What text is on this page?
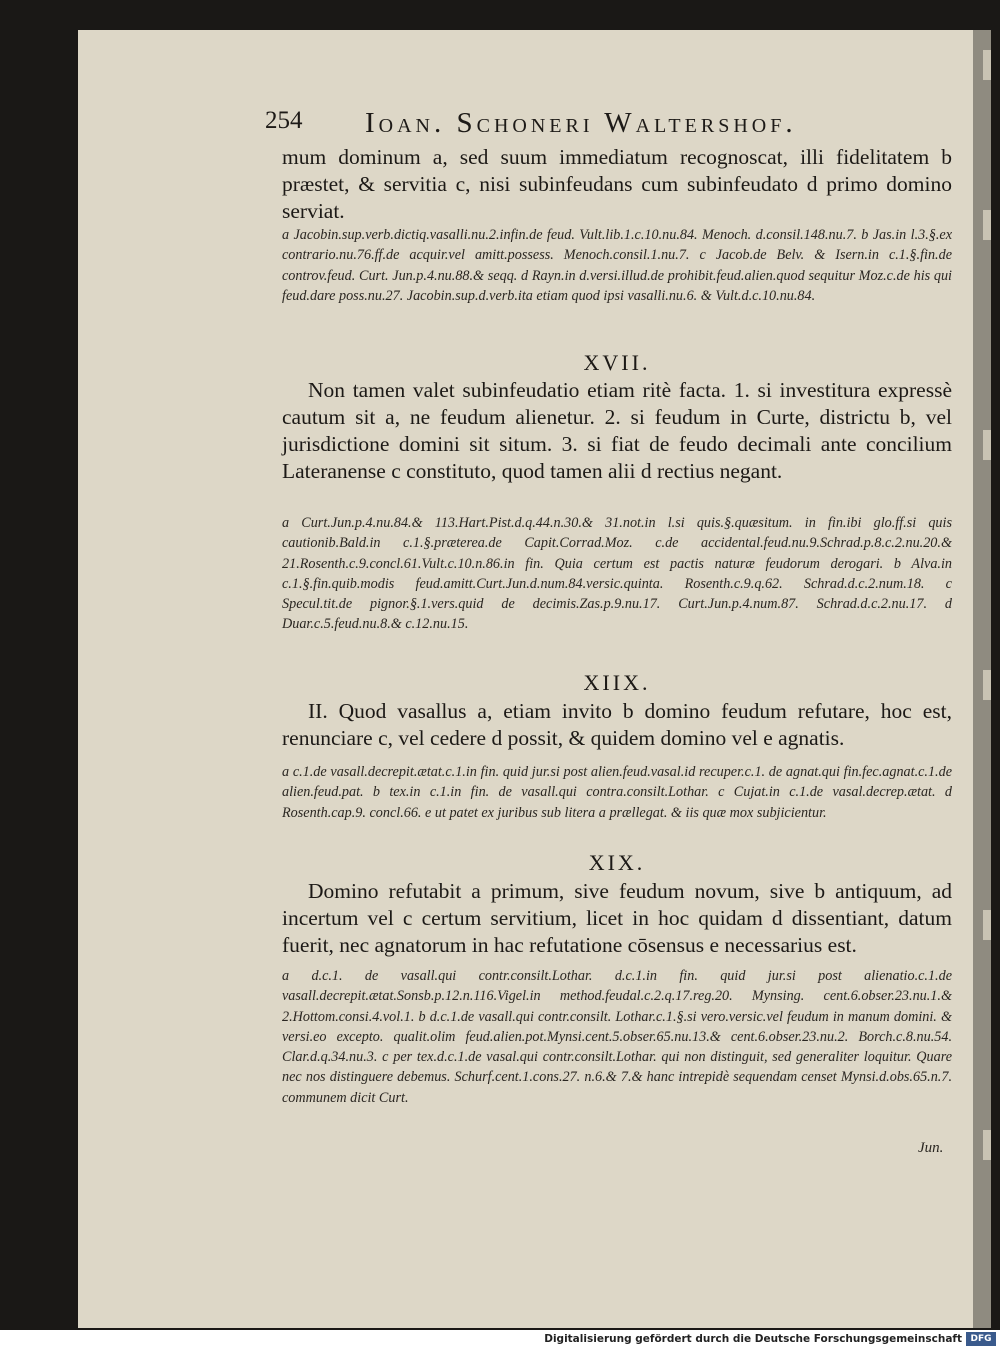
254 Ioan. Schoneri Waltershof.

mum dominum a, sed suum immediatum recognoscat, illi fidelitatem b præstet, & servitia c, nisi subinfeudans cum subinfeudato d primo domino serviat.

a Jacobin.sup.verb.dictiq.vasalli.nu.2.infin.de feud. Vult.lib.1.c.10.nu.84. Menoch. d.consil.148.nu.7. b Jas.in l.3.§.ex contrario.nu.76.ff.de acquir.vel amitt.possess. Menoch.consil.1.nu.7. c Jacob.de Belv. & Isern.in c.1.§.fin.de controv.feud. Curt. Jun.p.4.nu.88.& seqq. d Rayn.in d.versi.illud.de prohibit.feud.alien.quod sequitur Moz.c.de his qui feud.dare poss.nu.27. Jacobin.sup.d.verb.ita etiam quod ipsi vasalli.nu.6. & Vult.d.c.10.nu.84.

XVII.

Non tamen valet subinfeudatio etiam ritè facta. 1. si investitura expressè cautum sit a, ne feudum alienetur. 2. si feudum in Curte, districtu b, vel jurisdictione domini sit situm. 3. si fiat de feudo decimali ante concilium Lateranense c constituto, quod tamen alii d rectius negant.

a Curt.Jun.p.4.nu.84.& 113.Hart.Pist.d.q.44.n.30.& 31.not.in l.si quis.§.quæsitum. in fin.ibi glo.ff.si quis cautionib.Bald.in c.1.§.præterea.de Capit.Corrad.Moz. c.de accidental.feud.nu.9.Schrad.p.8.c.2.nu.20.& 21.Rosenth.c.9.concl.61.Vult.c.10.n.86.in fin. Quia certum est pactis naturæ feudorum derogari. b Alva.in c.1.§.fin.quib.modis feud.amitt.Curt.Jun.d.num.84.versic.quinta. Rosenth.c.9.q.62. Schrad.d.c.2.num.18. c Specul.tit.de pignor.§.1.vers.quid de decimis.Zas.p.9.nu.17. Curt.Jun.p.4.num.87. Schrad.d.c.2.nu.17. d Duar.c.5.feud.nu.8.& c.12.nu.15.

XIIX.

II. Quod vasallus a, etiam invito b domino feudum refutare, hoc est, renunciare c, vel cedere d possit, & quidem domino vel e agnatis.

a c.1.de vasall.decrepit.ætat.c.1.in fin. quid jur.si post alien.feud.vasal.id recuper.c.1. de agnat.qui fin.fec.agnat.c.1.de alien.feud.pat. b tex.in c.1.in fin. de vasall.qui contra.consilt.Lothar. c Cujat.in c.1.de vasal.decrep.ætat. d Rosenth.cap.9. concl.66. e ut patet ex juribus sub litera a prællegat. & iis quæ mox subjicientur.

XIX.

Domino refutabit a primum, sive feudum novum, sive b antiquum, ad incertum vel c certum servitium, licet in hoc quidam d dissentiant, datum fuerit, nec agnatorum in hac refutatione cōsensus e necessarius est.

a d.c.1. de vasall.qui contr.consilt.Lothar. d.c.1.in fin. quid jur.si post alienatio.c.1.de vasall.decrepit.ætat.Sonsb.p.12.n.116.Vigel.in method.feudal.c.2.q.17.reg.20. Mynsing. cent.6.obser.23.nu.1.& 2.Hottom.consi.4.vol.1. b d.c.1.de vasall.qui contr.consilt. Lothar.c.1.§.si vero.versic.vel feudum in manum domini. & versi.eo excepto. qualit.olim feud.alien.pot.Mynsi.cent.5.obser.65.nu.13.& cent.6.obser.23.nu.2. Borch.c.8.nu.54. Clar.d.q.34.nu.3. c per tex.d.c.1.de vasal.qui contr.consilt.Lothar. qui non distinguit, sed generaliter loquitur. Quare nec nos distinguere debemus. Schurf.cent.1.cons.27. n.6.& 7.& hanc intrepidè sequendam censet Mynsi.d.obs.65.n.7. communem dicit Curt.

Jun.
Digitalisierung gefördert durch die Deutsche Forschungsgemeinschaft DFG
